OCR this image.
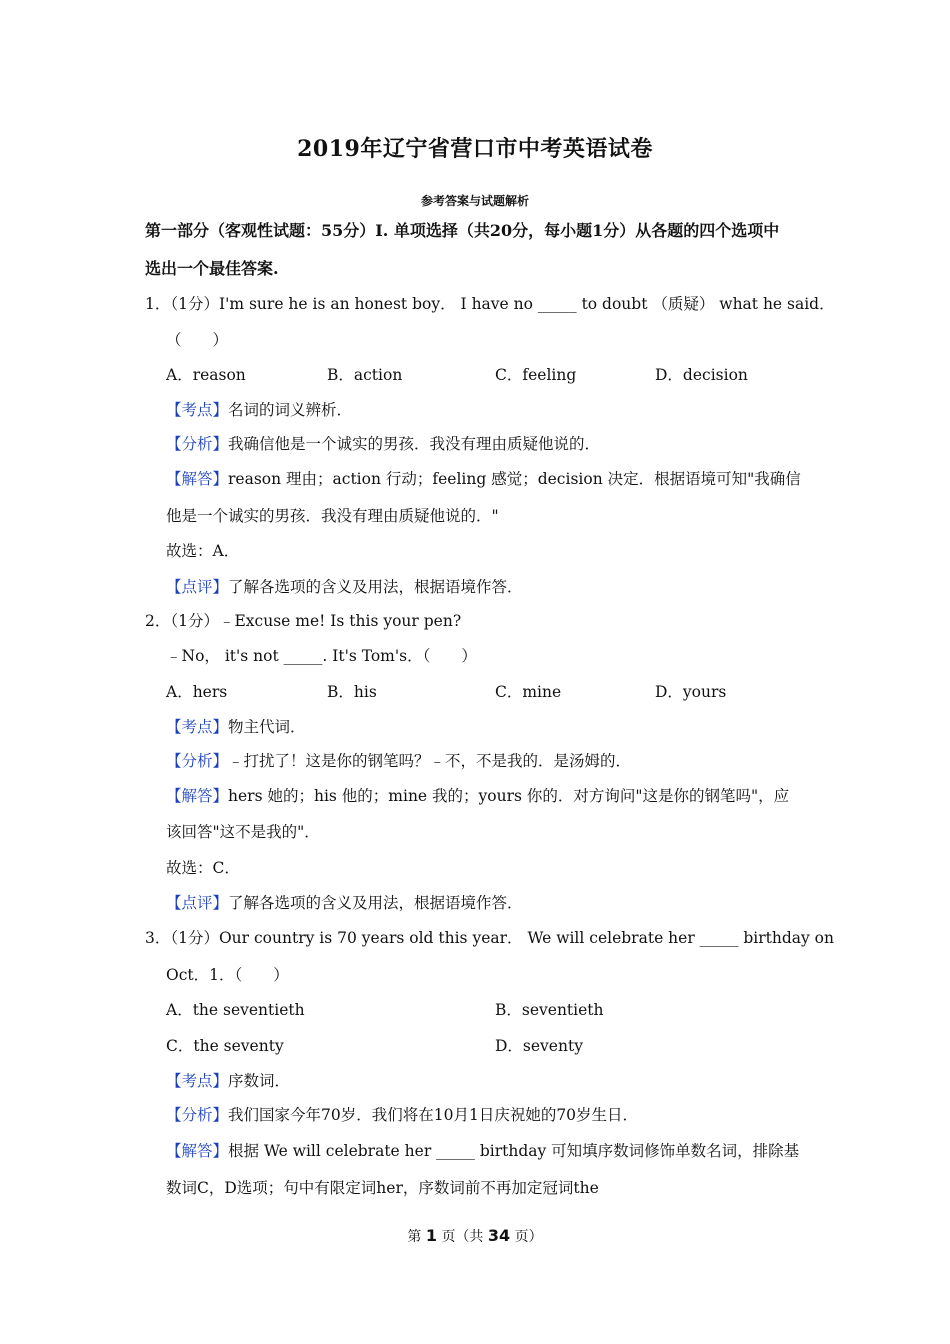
2019年辽宁省营口市中考英语试卷
参考答案与试题解析
第一部分（客观性试题：55分）I. 单项选择（共20分，每小题1分）从各题的四个选项中
选出一个最佳答案.
1．（1分）I'm sure he is an honest boy． I have no _____ to doubt （质疑） what he said．
（　　）
A．reason	B．action	C．feeling	D．decision
【考点】名词的词义辨析．
【分析】我确信他是一个诚实的男孩．我没有理由质疑他说的．
【解答】reason 理由；action 行动；feeling 感觉；decision 决定．根据语境可知"我确信
他是一个诚实的男孩．我没有理由质疑他说的．"
故选：A．
【点评】了解各选项的含义及用法，根据语境作答．
2．（1分）﹣Excuse me! Is this your pen?
﹣No， it's not _____. It's Tom's．（　　）
A．hers	B．his	C．mine	D．yours
【考点】物主代词．
【分析】﹣打扰了！这是你的钢笔吗？﹣不，不是我的．是汤姆的．
【解答】hers 她的；his 他的；mine 我的；yours 你的．对方询问"这是你的钢笔吗"，应
该回答"这不是我的"．
故选：C．
【点评】了解各选项的含义及用法，根据语境作答．
3．（1分）Our country is 70 years old this year． We will celebrate her _____ birthday on
Oct．1．（　　）
A．the seventieth	B．seventieth
C．the seventy	D．seventy
【考点】序数词．
【分析】我们国家今年70岁．我们将在10月1日庆祝她的70岁生日．
【解答】根据 We will celebrate her _____ birthday 可知填序数词修饰单数名词，排除基
数词C，D选项；句中有限定词her，序数词前不再加定冠词the
第 1 页（共 34 页）
